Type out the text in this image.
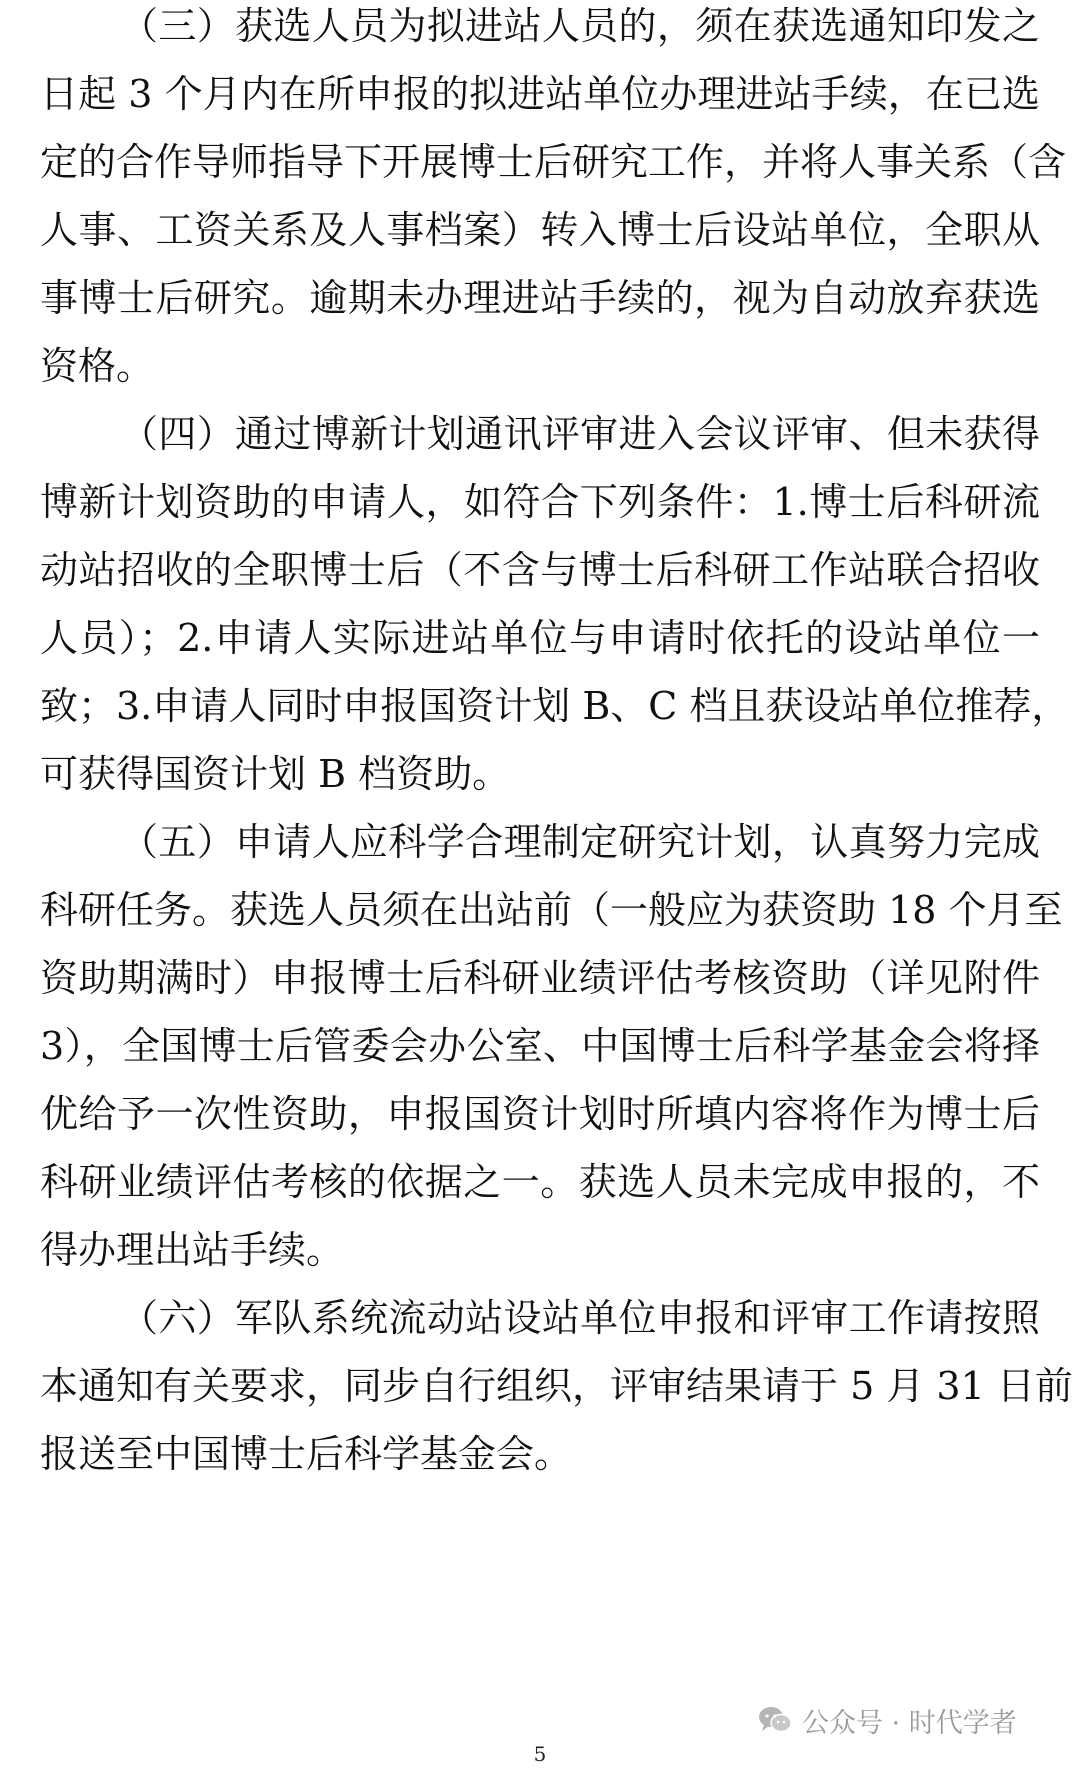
（三）获选人员为拟进站人员的，须在获选通知印发之
日起 3 个月内在所申报的拟进站单位办理进站手续，在已选
定的合作导师指导下开展博士后研究工作，并将人事关系（含
人事、工资关系及人事档案）转入博士后设站单位，全职从
事博士后研究。逾期未办理进站手续的，视为自动放弃获选
资格。
（四）通过博新计划通讯评审进入会议评审、但未获得
博新计划资助的申请人，如符合下列条件：1.博士后科研流
动站招收的全职博士后（不含与博士后科研工作站联合招收
人员）；2.申请人实际进站单位与申请时依托的设站单位一
致；3.申请人同时申报国资计划 B、C 档且获设站单位推荐，
可获得国资计划 B 档资助。
（五）申请人应科学合理制定研究计划，认真努力完成
科研任务。获选人员须在出站前（一般应为获资助 18 个月至
资助期满时）申报博士后科研业绩评估考核资助（详见附件
3），全国博士后管委会办公室、中国博士后科学基金会将择
优给予一次性资助，申报国资计划时所填内容将作为博士后
科研业绩评估考核的依据之一。获选人员未完成申报的，不
得办理出站手续。
（六）军队系统流动站设站单位申报和评审工作请按照
本通知有关要求，同步自行组织，评审结果请于 5 月 31 日前
报送至中国博士后科学基金会。
公众号 · 时代学者
5
